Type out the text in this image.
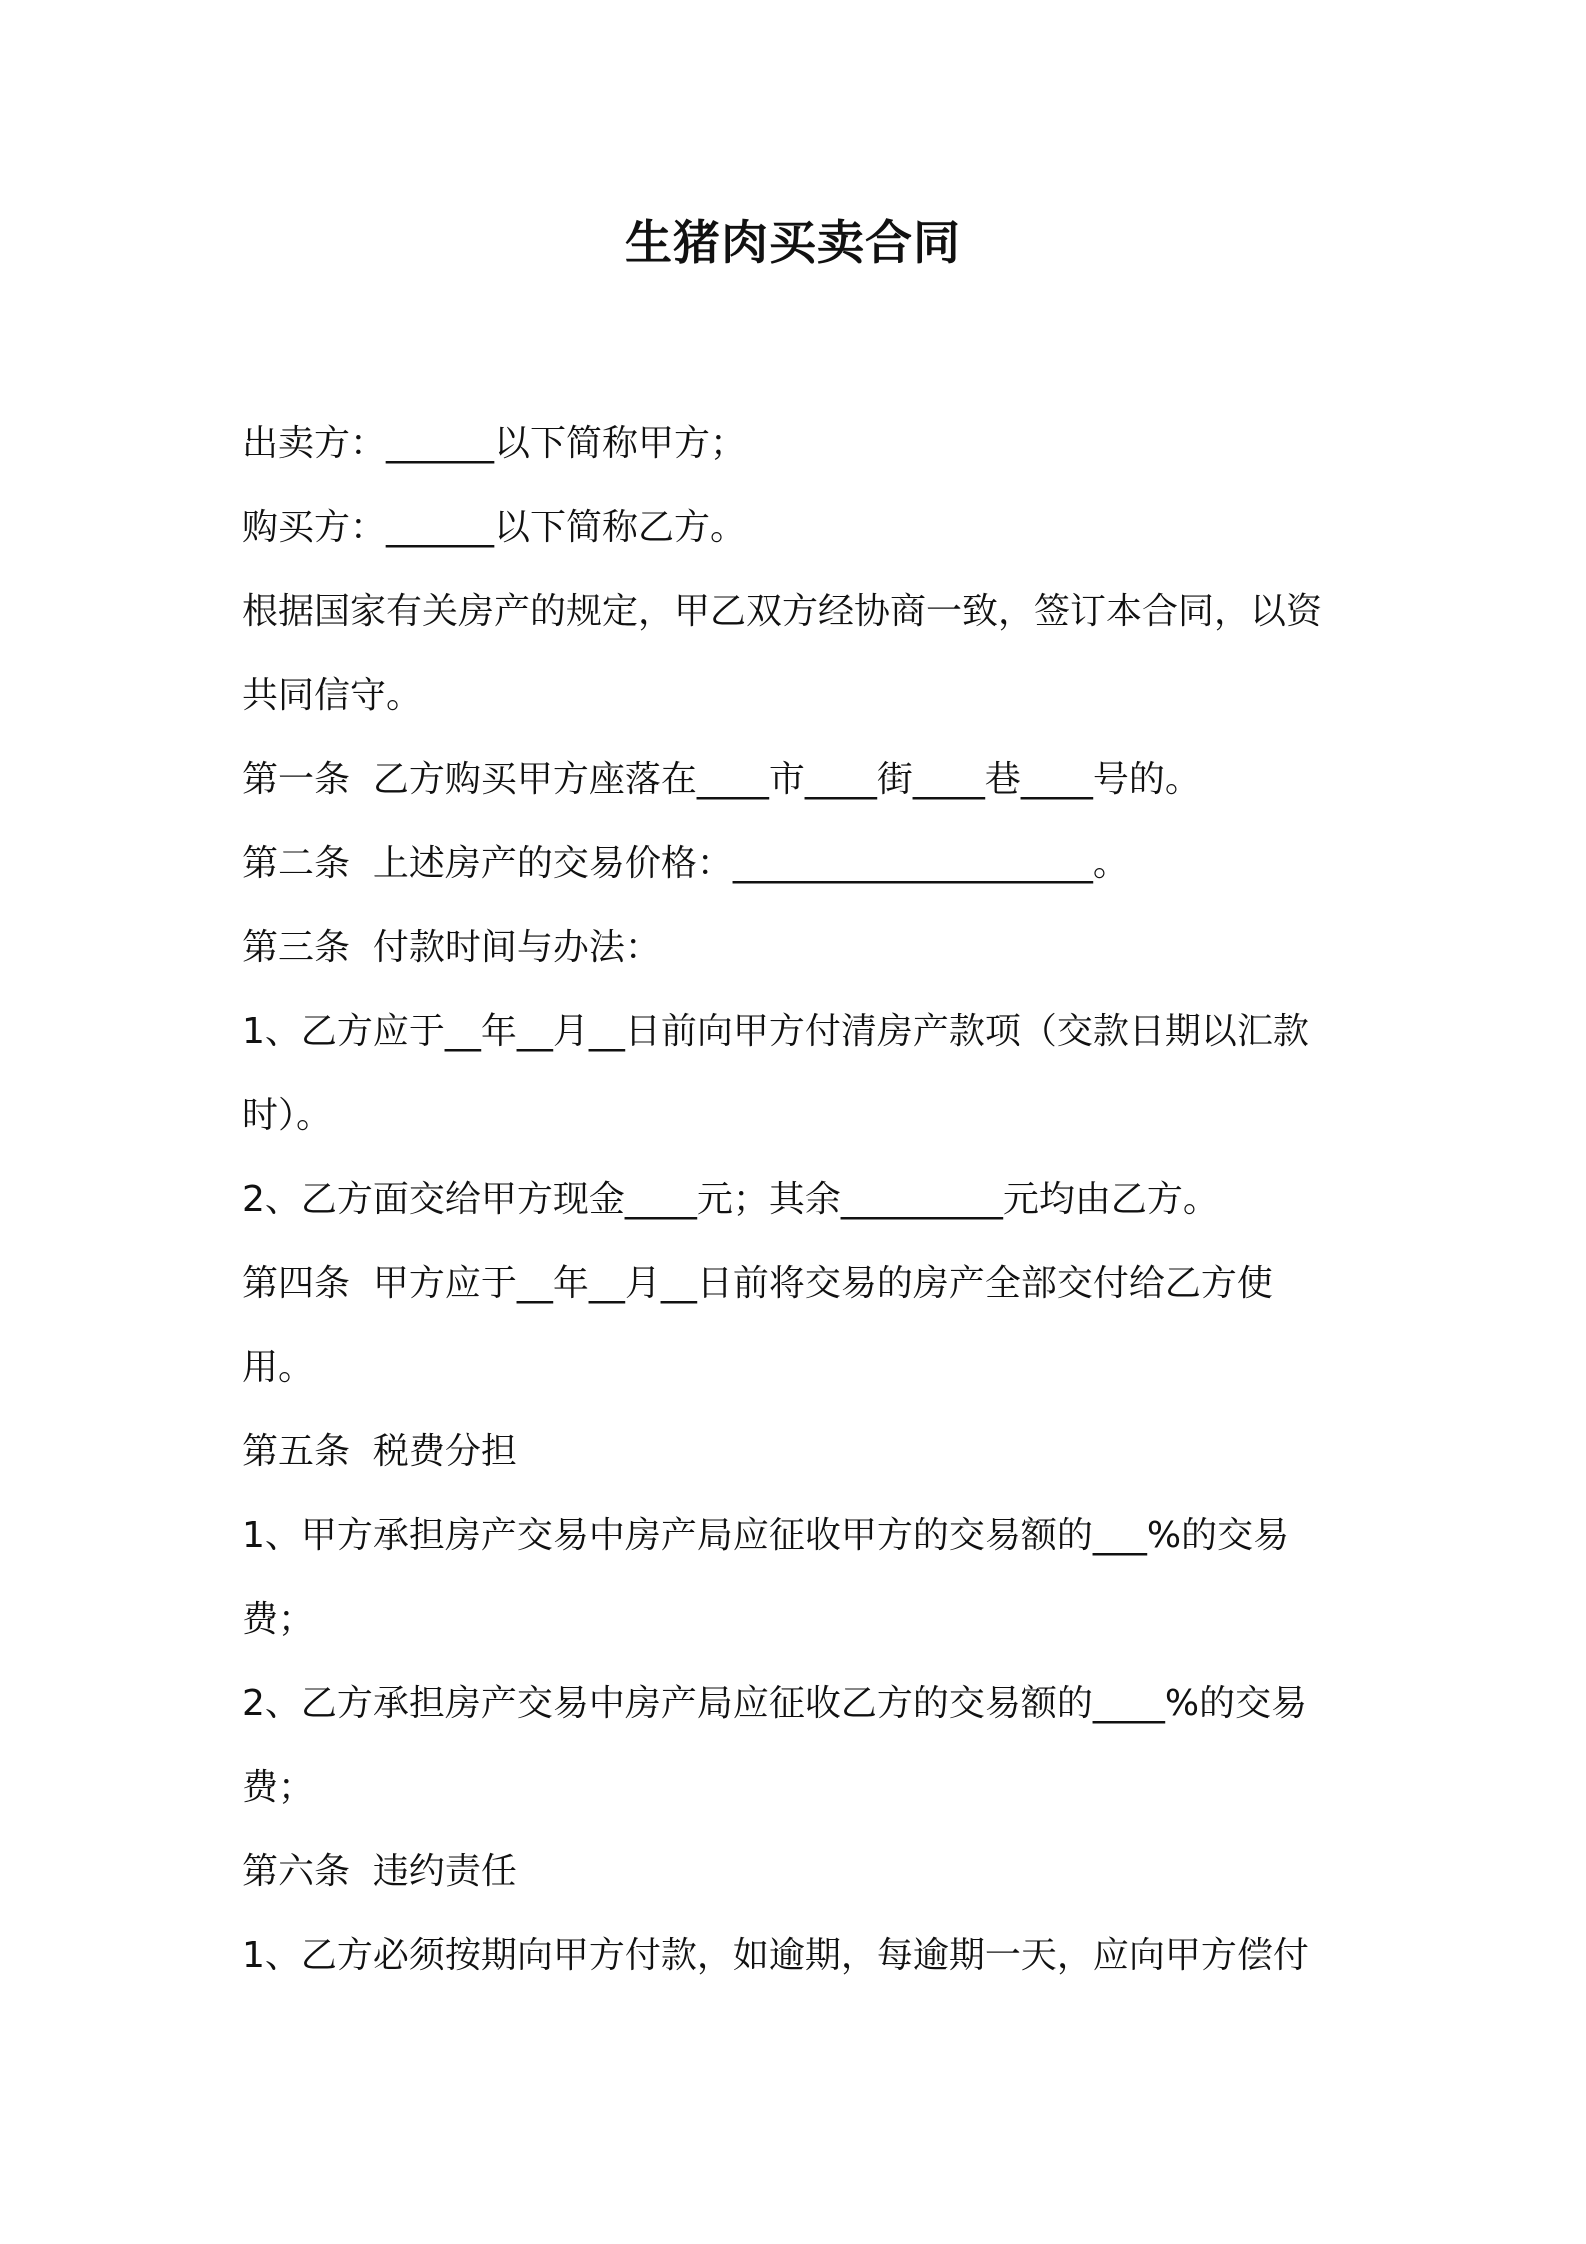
生猪肉买卖合同

出卖方：______以下简称甲方；

购买方：______以下简称乙方。

根据国家有关房产的规定，甲乙双方经协商一致，签订本合同，以资

共同信守。

第一条  乙方购买甲方座落在____市____街____巷____号的。

第二条  上述房产的交易价格：____________________。

第三条  付款时间与办法：

1、乙方应于__年__月__日前向甲方付清房产款项（交款日期以汇款

时）。

2、乙方面交给甲方现金____元；其余_________元均由乙方。

第四条  甲方应于__年__月__日前将交易的房产全部交付给乙方使

用。

第五条  税费分担

1、甲方承担房产交易中房产局应征收甲方的交易额的___%的交易

费；

2、乙方承担房产交易中房产局应征收乙方的交易额的____%的交易

费；

第六条  违约责任

1、乙方必须按期向甲方付款，如逾期，每逾期一天，应向甲方偿付
